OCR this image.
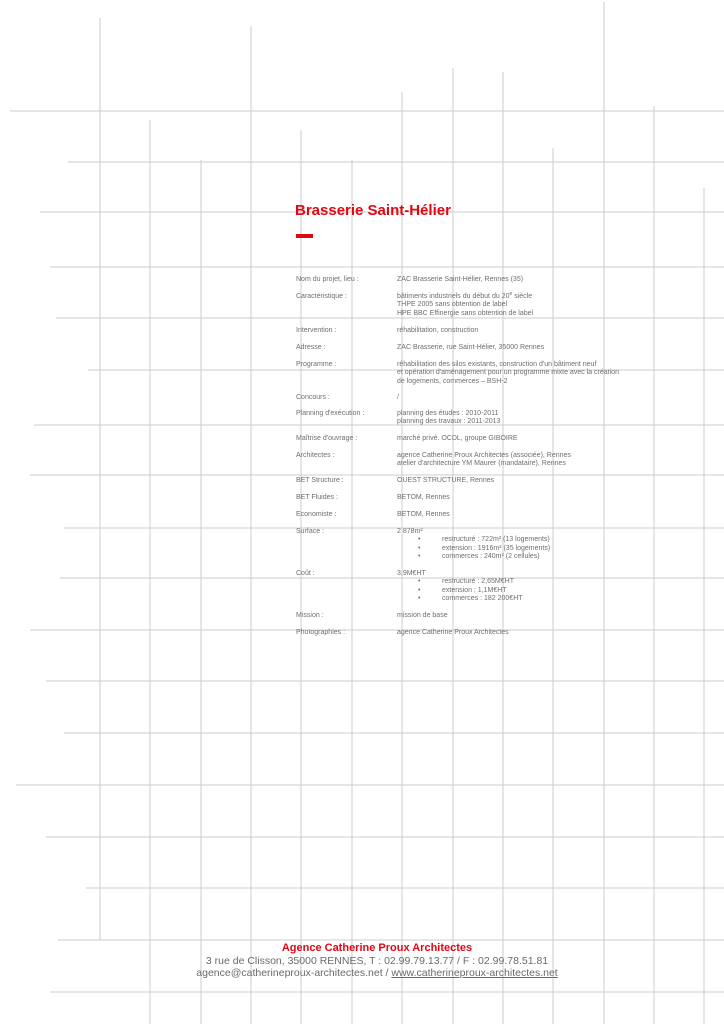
Brasserie Saint-Hélier
Nom du projet, lieu :	ZAC Brasserie Saint-Hélier, Rennes (35)
Caractéristique :	bâtiments industriels du début du 20e siècle
THPE 2005 sans obtention de label
HPE BBC Effinergie sans obtention de label
Intervention :	réhabilitation, construction
Adresse :	ZAC Brasserie, rue Saint-Hélier, 35000 Rennes
Programme :	réhabilitation des silos existants, construction d'un bâtiment neuf
et opération d'aménagement pour un programme mixte avec la création
de logements, commerces – BSH-2
Concours :	/
Planning d'exécution :	planning des études : 2010-2011
planning des travaux : 2011-2013
Maîtrise d'ouvrage :	marché privé. OCDL, groupe GIBOIRE
Architectes :	agence Catherine Proux Architectes (associée), Rennes
atelier d'architecture YM Maurer (mandataire), Rennes
BET Structure :	OUEST STRUCTURE, Rennes
BET Fluides :	BETOM, Rennes
Economiste :	BETOM, Rennes
Surface :	2 878m²
•	restructuré : 722m² (13 logements)
•	extension : 1916m² (35 logements)
•	commerces : 240m² (2 cellules)
Coût :	3,9M€HT
•	restructuré : 2,65M€HT
•	extension : 1,1M€HT
•	commerces : 182 200€HT
Mission :	mission de base
Photographies :	agence Catherine Proux Architectes
Agence Catherine Proux Architectes
3 rue de Clisson, 35000 RENNES, T : 02.99.79.13.77 / F : 02.99.78.51.81
agence@catherineproux-architectes.net / www.catherineproux-architectes.net
